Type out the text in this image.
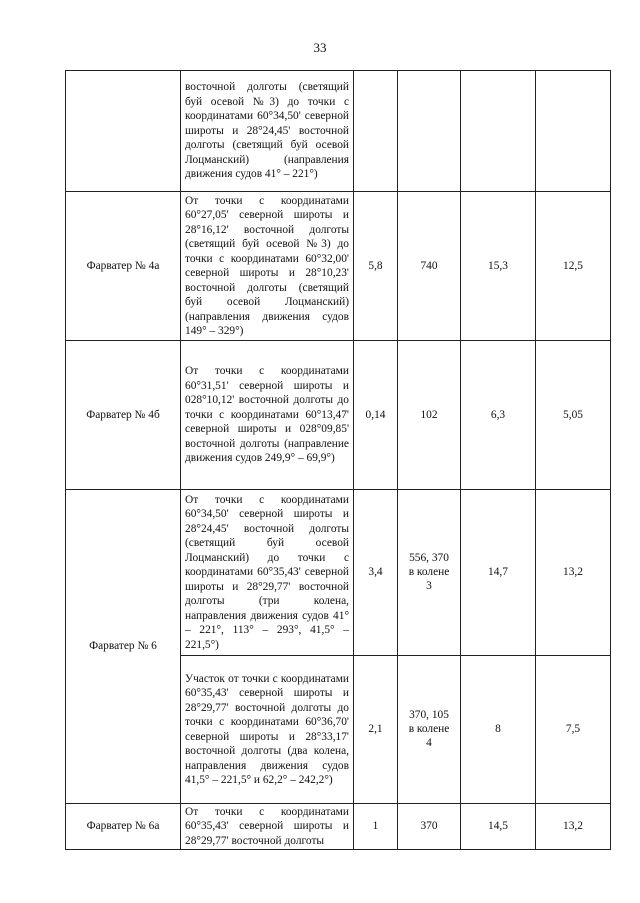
33
	восточной долготы (светящий буй осевой №3) до точки с координатами 60°34,50' северной широты и 28°24,45' восточной долготы (светящий буй осевой Лоцманский) (направления движения судов 41° – 221°)				
Фарватер № 4а	От точки с координатами 60°27,05' северной широты и 28°16,12' восточной долготы (светящий буй осевой №3) до точки с координатами 60°32,00' северной широты и 28°10,23' восточной долготы (светящий буй осевой Лоцманский) (направления движения судов 149° – 329°)	5,8	740	15,3	12,5
Фарватер № 4б	От точки с координатами 60°31,51' северной широты и 028°10,12' восточной долготы до точки с координатами 60°13,47' северной широты и 028°09,85' восточной долготы (направление движения судов 249,9° – 69,9°)	0,14	102	6,3	5,05
Фарватер № 6	От точки с координатами 60°34,50' северной широты и 28°24,45' восточной долготы (светящий буй осевой Лоцманский) до точки с координатами 60°35,43' северной широты и 28°29,77' восточной долготы (три колена, направления движения судов 41° – 221°, 113° – 293°, 41,5° – 221,5°)	3,4	556, 370 в колене 3	14,7	13,2
	Участок от точки с координатами 60°35,43' северной широты и 28°29,77' восточной долготы до точки с координатами 60°36,70' северной широты и 28°33,17' восточной долготы (два колена, направления движения судов 41,5° – 221,5° и 62,2° – 242,2°)	2,1	370, 105 в колене 4	8	7,5
Фарватер № 6а	От точки с координатами 60°35,43' северной широты и 28°29,77' восточной долготы	1	370	14,5	13,2
